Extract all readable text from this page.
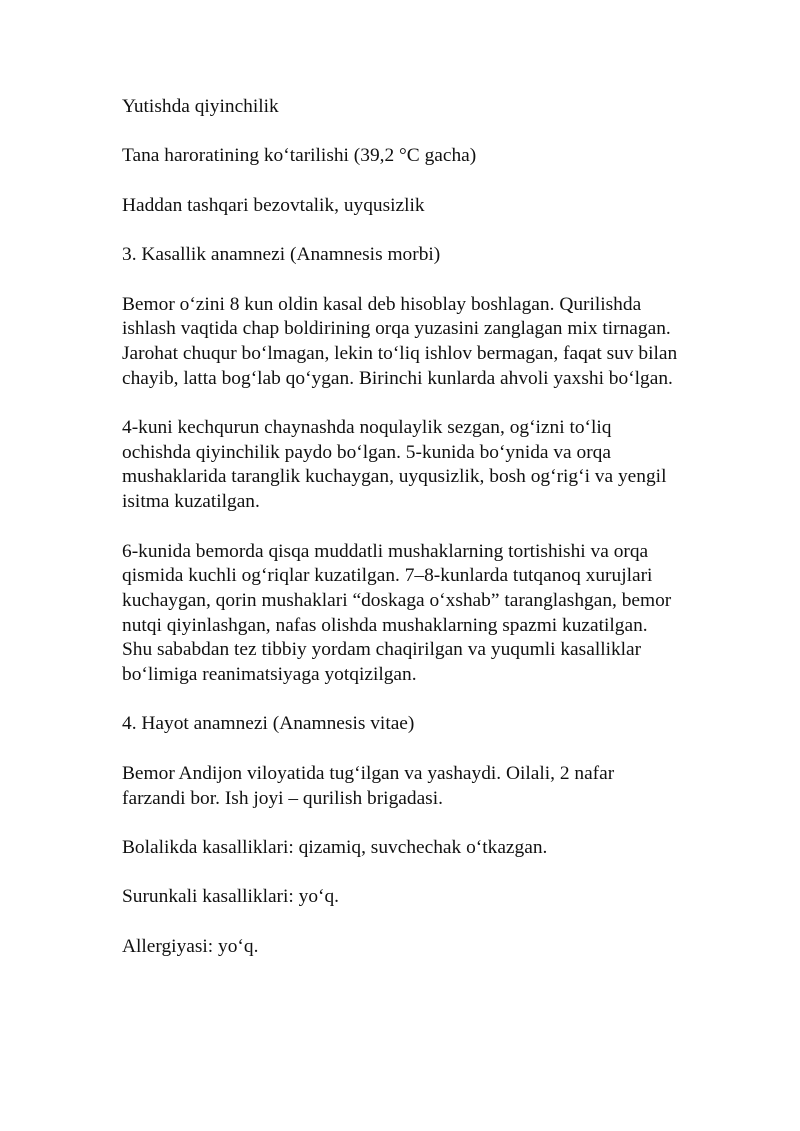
Yutishda qiyinchilik

Tana haroratining ko‘tarilishi (39,2 °C gacha)

Haddan tashqari bezovtalik, uyqusizlik

3. Kasallik anamnezi (Anamnesis morbi)

Bemor o‘zini 8 kun oldin kasal deb hisoblay boshlagan. Qurilishda ishlash vaqtida chap boldirining orqa yuzasini zanglagan mix tirnagan. Jarohat chuqur bo‘lmagan, lekin to‘liq ishlov bermagan, faqat suv bilan chayib, latta bog‘lab qo‘ygan. Birinchi kunlarda ahvoli yaxshi bo‘lgan.

4-kuni kechqurun chaynashda noqulaylik sezgan, og‘izni to‘liq ochishda qiyinchilik paydo bo‘lgan. 5-kunida bo‘ynida va orqa mushaklarida taranglik kuchaygan, uyqusizlik, bosh og‘rig‘i va yengil isitma kuzatilgan.

6-kunida bemorda qisqa muddatli mushaklarning tortishishi va orqa qismida kuchli og‘riqlar kuzatilgan. 7–8-kunlarda tutqanoq xurujlari kuchaygan, qorin mushaklari “doskaga o‘xshab” taranglashgan, bemor nutqi qiyinlashgan, nafas olishda mushaklarning spazmi kuzatilgan. Shu sababdan tez tibbiy yordam chaqirilgan va yuqumli kasalliklar bo‘limiga reanimatsiyaga yotqizilgan.

4. Hayot anamnezi (Anamnesis vitae)

Bemor Andijon viloyatida tug‘ilgan va yashaydi. Oilali, 2 nafar farzandi bor. Ish joyi – qurilish brigadasi.

Bolalikda kasalliklari: qizamiq, suvchechak o‘tkazgan.

Surunkali kasalliklari: yo‘q.

Allergiyasi: yo‘q.
